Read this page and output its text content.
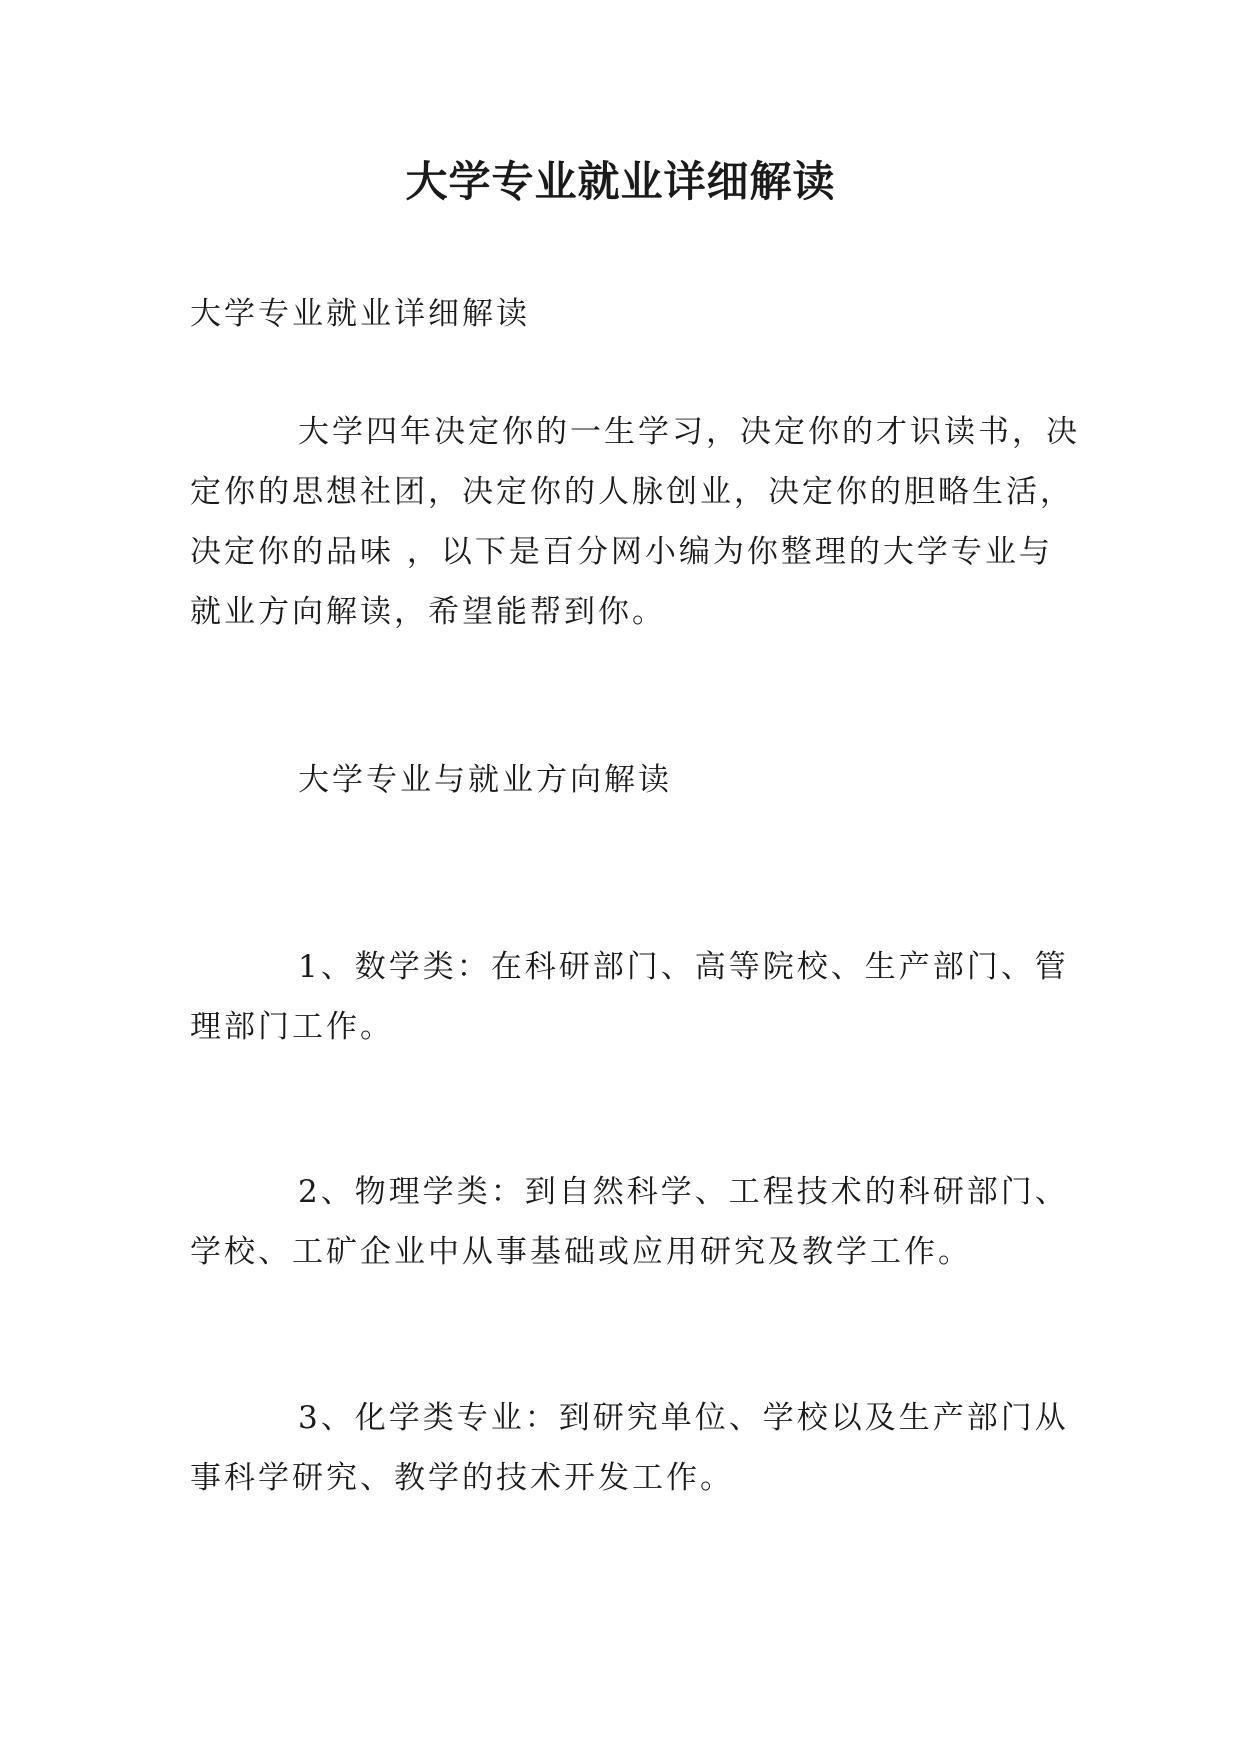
大学专业就业详细解读

大学专业就业详细解读

大学四年决定你的一生学习，决定你的才识读书，决

定你的思想社团，决定你的人脉创业，决定你的胆略生活，

决定你的品味 ，以下是百分网小编为你整理的大学专业与

就业方向解读，希望能帮到你。

大学专业与就业方向解读

1、数学类：在科研部门、高等院校、生产部门、管

理部门工作。

2、物理学类：到自然科学、工程技术的科研部门、

学校、工矿企业中从事基础或应用研究及教学工作。

3、化学类专业：到研究单位、学校以及生产部门从

事科学研究、教学的技术开发工作。
